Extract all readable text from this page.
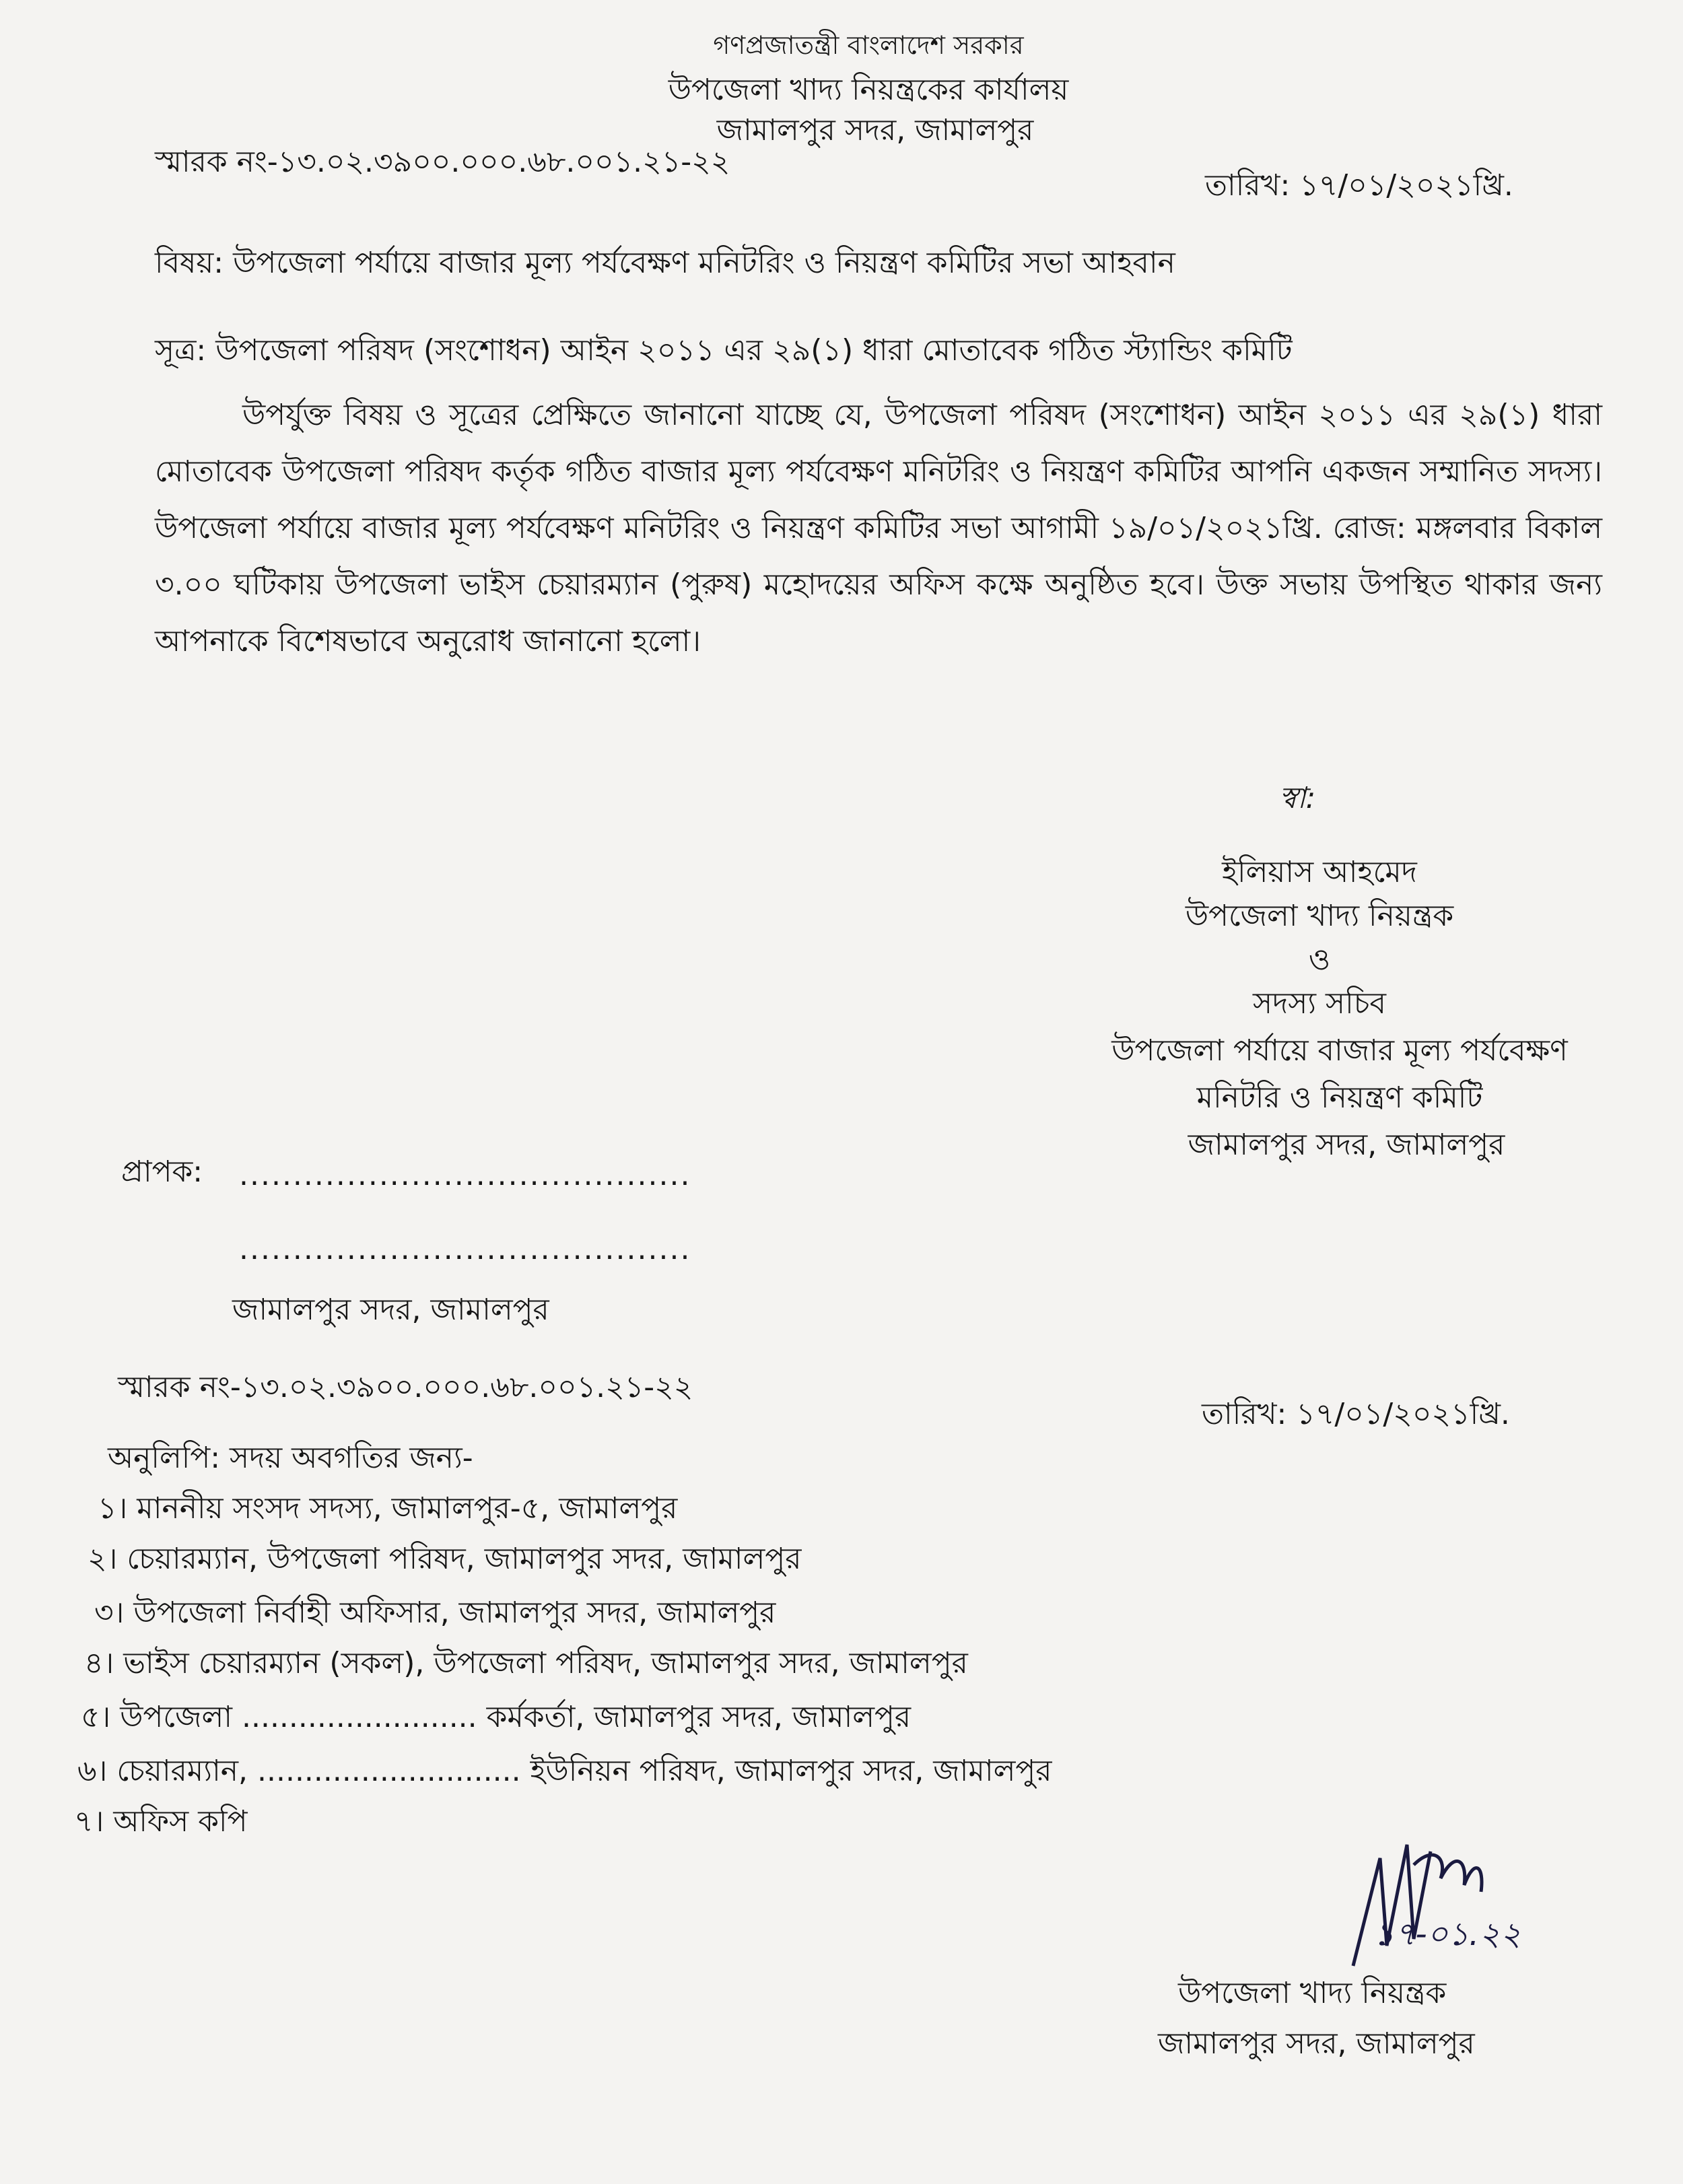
গণপ্রজাতন্ত্রী বাংলাদেশ সরকার
উপজেলা খাদ্য নিয়ন্ত্রকের কার্যালয়
জামালপুর সদর, জামালপুর
স্মারক নং-১৩.০২.৩৯০০.০০০.৬৮.০০১.২১-২২
তারিখ: ১৭/০১/২০২১খ্রি.
বিষয়: উপজেলা পর্যায়ে বাজার মূল্য পর্যবেক্ষণ মনিটরিং ও নিয়ন্ত্রণ কমিটির সভা আহবান
সূত্র: উপজেলা পরিষদ (সংশোধন) আইন ২০১১ এর ২৯(১) ধারা মোতাবেক গঠিত স্ট্যান্ডিং কমিটি
উপর্যুক্ত বিষয় ও সূত্রের প্রেক্ষিতে জানানো যাচ্ছে যে, উপজেলা পরিষদ (সংশোধন) আইন ২০১১ এর ২৯(১) ধারা মোতাবেক উপজেলা পরিষদ কর্তৃক গঠিত বাজার মূল্য পর্যবেক্ষণ মনিটরিং ও নিয়ন্ত্রণ কমিটির আপনি একজন সম্মানিত সদস্য। উপজেলা পর্যায়ে বাজার মূল্য পর্যবেক্ষণ মনিটরিং ও নিয়ন্ত্রণ কমিটির সভা আগামী ১৯/০১/২০২১খ্রি. রোজ: মঙ্গলবার বিকাল ৩.০০ ঘটিকায় উপজেলা ভাইস চেয়ারম্যান (পুরুষ) মহোদয়ের অফিস কক্ষে অনুষ্ঠিত হবে। উক্ত সভায় উপস্থিত থাকার জন্য আপনাকে বিশেষভাবে অনুরোধ জানানো হলো।
স্বা:
ইলিয়াস আহমেদ
উপজেলা খাদ্য নিয়ন্ত্রক
ও
সদস্য সচিব
উপজেলা পর্যায়ে বাজার মূল্য পর্যবেক্ষণ
মনিটরি ও নিয়ন্ত্রণ কমিটি
জামালপুর সদর, জামালপুর
প্রাপক: ..........................................
..........................................
জামালপুর সদর, জামালপুর
স্মারক নং-১৩.০২.৩৯০০.০০০.৬৮.০০১.২১-২২
তারিখ: ১৭/০১/২০২১খ্রি.
অনুলিপি: সদয় অবগতির জন্য-
১। মাননীয় সংসদ সদস্য, জামালপুর-৫, জামালপুর
২। চেয়ারম্যান, উপজেলা পরিষদ, জামালপুর সদর, জামালপুর
৩। উপজেলা নির্বাহী অফিসার, জামালপুর সদর, জামালপুর
৪। ভাইস চেয়ারম্যান (সকল), উপজেলা পরিষদ, জামালপুর সদর, জামালপুর
৫। উপজেলা ......................... কর্মকর্তা, জামালপুর সদর, জামালপুর
৬। চেয়ারম্যান, ............................ ইউনিয়ন পরিষদ, জামালপুর সদর, জামালপুর
৭। অফিস কপি
১৭-০১.২২
উপজেলা খাদ্য নিয়ন্ত্রক
জামালপুর সদর, জামালপুর
